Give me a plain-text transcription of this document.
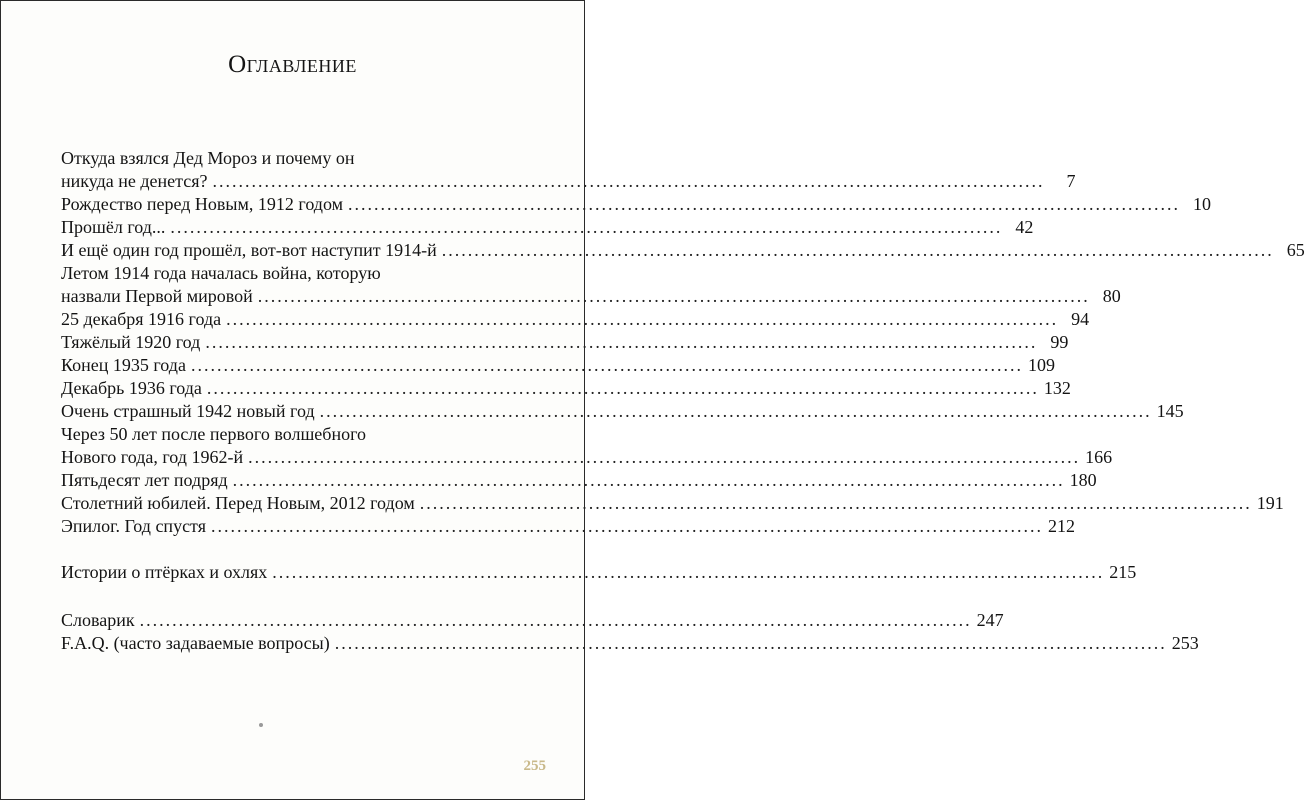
Оглавление
Откуда взялся Дед Мороз и почему он
никуда не денется? ................................................................................................................................	7
Рождество перед Новым, 1912 годом ................................................................................................................................ 10
Прошёл год... ................................................................................................................................ 42
И ещё один год прошёл, вот-вот наступит 1914-й ................................................................................................................................ 65
Летом 1914 года началась война, которую
назвали Первой мировой ................................................................................................................................ 80
25 декабря 1916 года ................................................................................................................................ 94
Тяжёлый 1920 год ................................................................................................................................ 99
Конец 1935 года ................................................................................................................................ 109
Декабрь 1936 года ................................................................................................................................ 132
Очень страшный 1942 новый год ................................................................................................................................ 145
Через 50 лет после первого волшебного
Нового года, год 1962-й ................................................................................................................................ 166
Пятьдесят лет подряд ................................................................................................................................ 180
Столетний юбилей. Перед Новым, 2012 годом ................................................................................................................................ 191
Эпилог. Год спустя ................................................................................................................................ 212
Истории о птёрках и охлях ................................................................................................................................ 215
Словарик ................................................................................................................................ 247
F.A.Q. (часто задаваемые вопросы) ................................................................................................................................ 253
255
